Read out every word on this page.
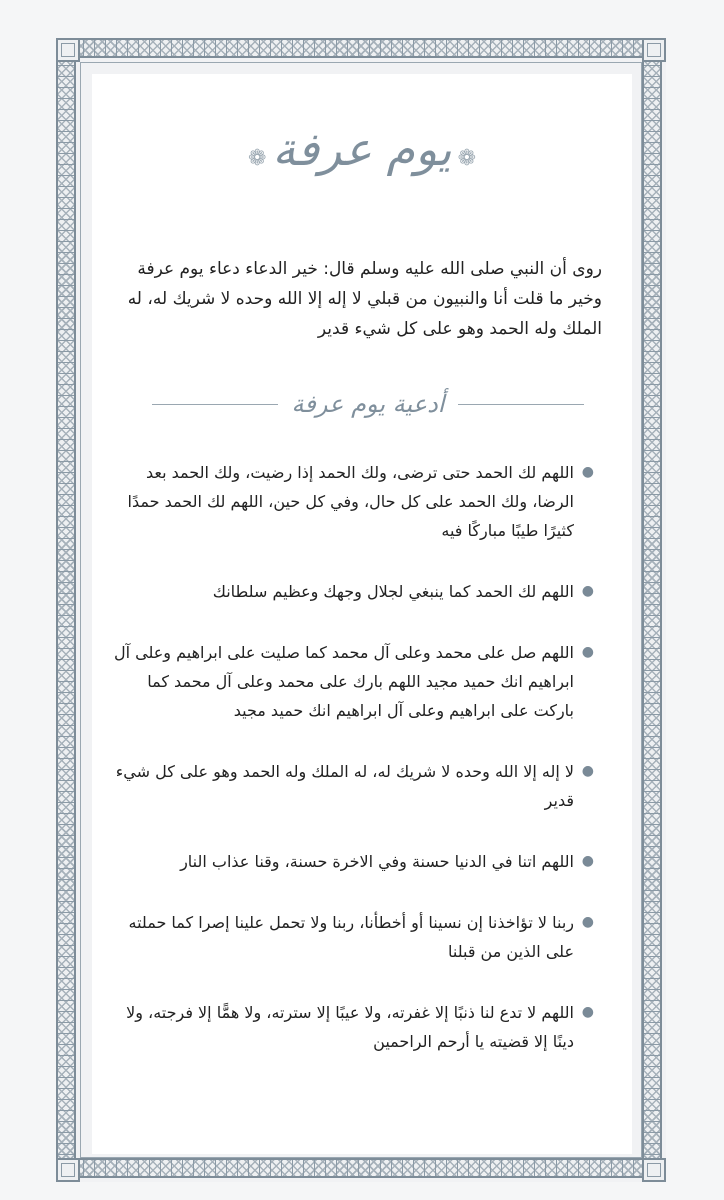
❁يوم عرفة❁
روى أن النبي صلى الله عليه وسلم قال: خير الدعاء دعاء يوم عرفة وخير ما قلت أنا والنبيون من قبلي لا إله إلا الله وحده لا شريك له، له الملك وله الحمد وهو على كل شيء قدير
أدعية يوم عرفة
●
اللهم لك الحمد حتى ترضى، ولك الحمد إذا رضيت، ولك الحمد بعد الرضا، ولك الحمد على كل حال، وفي كل حين، اللهم لك الحمد حمدًا كثيرًا طيبًا مباركًا فيه
●
اللهم لك الحمد كما ينبغي لجلال وجهك وعظيم سلطانك
●
اللهم صل على محمد وعلى آل محمد كما صليت على ابراهيم وعلى آل ابراهيم انك حميد مجيد اللهم بارك على محمد وعلى آل محمد كما باركت على ابراهيم وعلى آل ابراهيم انك حميد مجيد
●
لا إله إلا الله وحده لا شريك له، له الملك وله الحمد وهو على كل شيء قدير
●
اللهم اتنا في الدنيا حسنة وفي الاخرة حسنة، وقنا عذاب النار
●
ربنا لا تؤاخذنا إن نسينا أو أخطأنا، ربنا ولا تحمل علينا إصرا كما حملته على الذين من قبلنا
●
اللهم لا تدع لنا ذنبًا إلا غفرته، ولا عيبًا إلا سترته، ولا همًّا إلا فرجته، ولا دينًا إلا قضيته يا أرحم الراحمين
